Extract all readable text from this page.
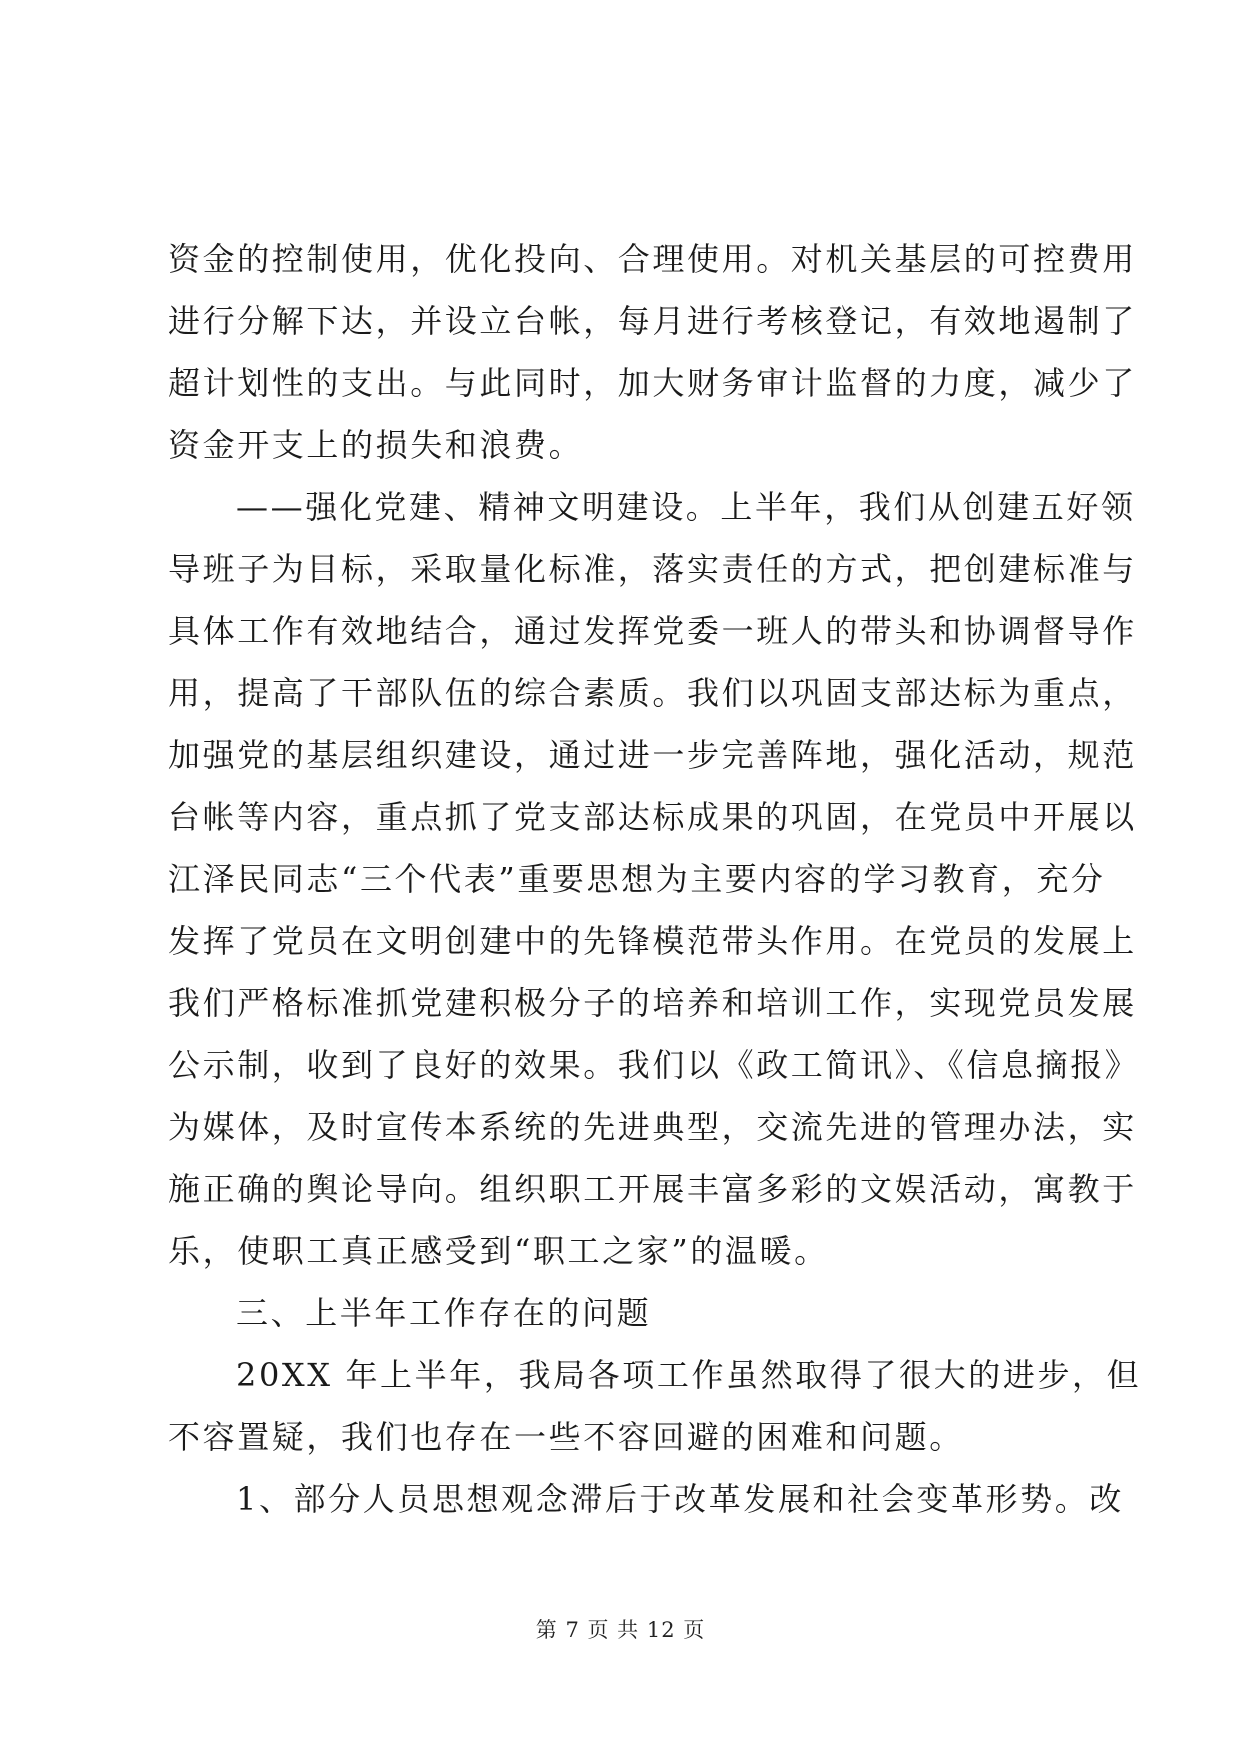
资金的控制使用，优化投向、合理使用。对机关基层的可控费用
进行分解下达，并设立台帐，每月进行考核登记，有效地遏制了
超计划性的支出。与此同时，加大财务审计监督的力度，减少了
资金开支上的损失和浪费。
——强化党建、精神文明建设。上半年，我们从创建五好领
导班子为目标，采取量化标准，落实责任的方式，把创建标准与
具体工作有效地结合，通过发挥党委一班人的带头和协调督导作
用，提高了干部队伍的综合素质。我们以巩固支部达标为重点，
加强党的基层组织建设，通过进一步完善阵地，强化活动，规范
台帐等内容，重点抓了党支部达标成果的巩固，在党员中开展以
江泽民同志“三个代表”重要思想为主要内容的学习教育，充分
发挥了党员在文明创建中的先锋模范带头作用。在党员的发展上
我们严格标准抓党建积极分子的培养和培训工作，实现党员发展
公示制，收到了良好的效果。我们以《政工简讯》、《信息摘报》
为媒体，及时宣传本系统的先进典型，交流先进的管理办法，实
施正确的舆论导向。组织职工开展丰富多彩的文娱活动，寓教于
乐，使职工真正感受到“职工之家”的温暖。
三、上半年工作存在的问题
20XX 年上半年，我局各项工作虽然取得了很大的进步，但
不容置疑，我们也存在一些不容回避的困难和问题。
1、部分人员思想观念滞后于改革发展和社会变革形势。改
第 7 页 共 12 页
